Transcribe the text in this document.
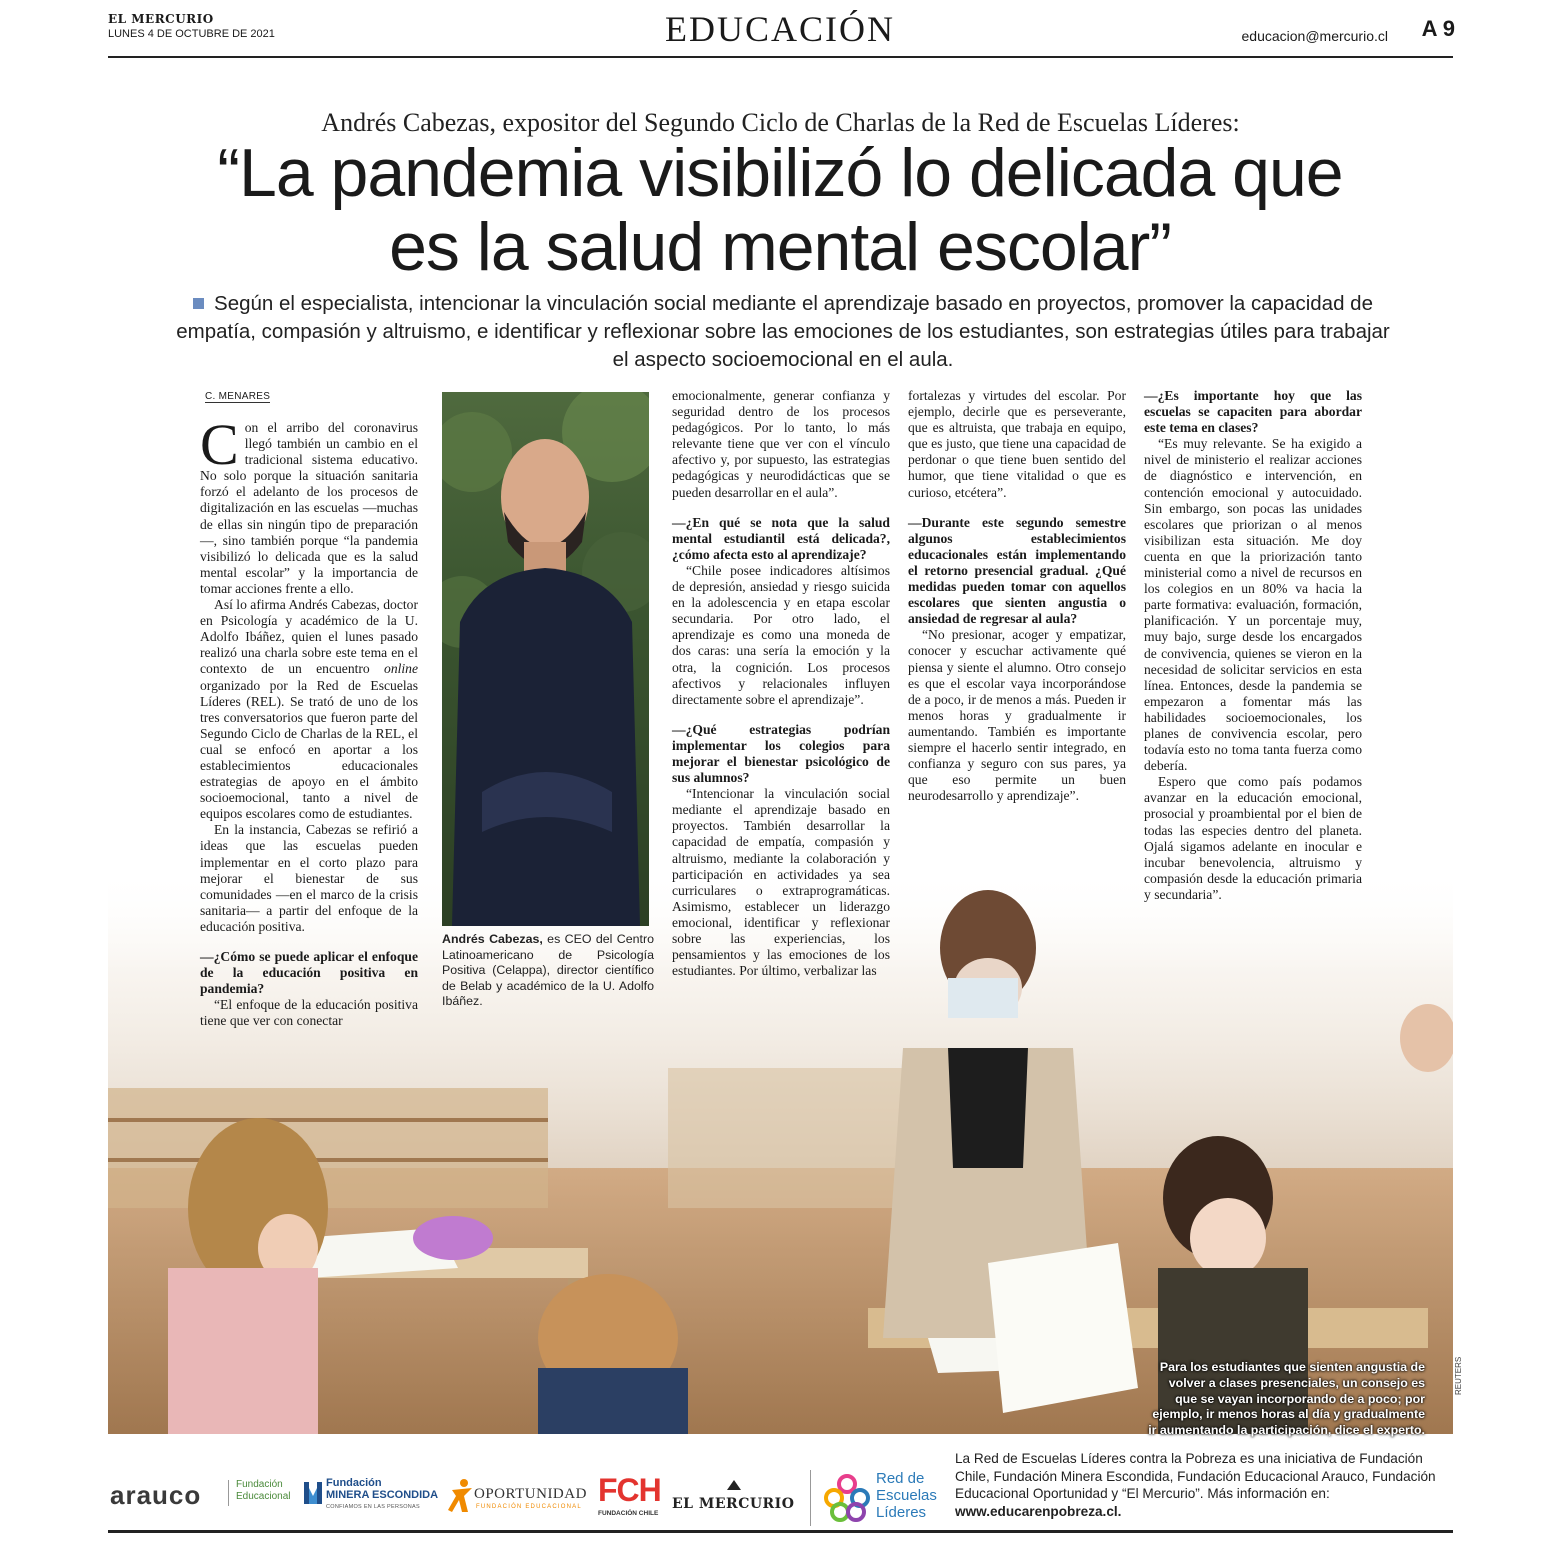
EL MERCURIO
LUNES 4 DE OCTUBRE DE 2021	EDUCACIÓN	educacion@mercurio.cl	A 9
Andrés Cabezas, expositor del Segundo Ciclo de Charlas de la Red de Escuelas Líderes:
“La pandemia visibilizó lo delicada que
es la salud mental escolar”
Según el especialista, intencionar la vinculación social mediante el aprendizaje basado en proyectos, promover la capacidad de empatía, compasión y altruismo, e identificar y reflexionar sobre las emociones de los estudiantes, son estrategias útiles para trabajar el aspecto socioemocional en el aula.
C. MENARES
Andrés Cabezas, es CEO del Centro Latinoamericano de Psicología Positiva (Celappa), director científico de Belab y académico de la U. Adolfo Ibáñez.
C on el arribo del coronavirus llegó también un cambio en el tradicional sistema educativo. No solo porque la situación sanitaria forzó el adelanto de los procesos de digitalización en las escuelas —muchas de ellas sin ningún tipo de preparación—, sino también porque “la pandemia visibilizó lo delicada que es la salud mental escolar” y la importancia de tomar acciones frente a ello.

Así lo afirma Andrés Cabezas, doctor en Psicología y académico de la U. Adolfo Ibáñez, quien el lunes pasado realizó una charla sobre este tema en el contexto de un encuentro online organizado por la Red de Escuelas Líderes (REL). Se trató de uno de los tres conversatorios que fueron parte del Segundo Ciclo de Charlas de la REL, el cual se enfocó en aportar a los establecimientos educacionales estrategias de apoyo en el ámbito socioemocional, tanto a nivel de equipos escolares como de estudiantes.

En la instancia, Cabezas se refirió a ideas que las escuelas pueden implementar en el corto plazo para mejorar el bienestar de sus comunidades —en el marco de la crisis sanitaria— a partir del enfoque de la educación positiva.

—¿Cómo se puede aplicar el enfoque de la educación positiva en pandemia?

“El enfoque de la educación positiva tiene que ver con conectar

emocionalmente, generar confianza y seguridad dentro de los procesos pedagógicos. Por lo tanto, lo más relevante tiene que ver con el vínculo afectivo y, por supuesto, las estrategias pedagógicas y neurodidácticas que se pueden desarrollar en el aula”.

—¿En qué se nota que la salud mental estudiantil está delicada?, ¿cómo afecta esto al aprendizaje?

“Chile posee indicadores altísimos de depresión, ansiedad y riesgo suicida en la adolescencia y en etapa escolar secundaria. Por otro lado, el aprendizaje es como una moneda de dos caras: una sería la emoción y la otra, la cognición. Los procesos afectivos y relacionales influyen directamente sobre el aprendizaje”.

—¿Qué estrategias podrían implementar los colegios para mejorar el bienestar psicológico de sus alumnos?

“Intencionar la vinculación social mediante el aprendizaje basado en proyectos. También desarrollar la capacidad de empatía, compasión y altruismo, mediante la colaboración y participación en actividades ya sea curriculares o extraprogramáticas. Asimismo, establecer un liderazgo emocional, identificar y reflexionar sobre las experiencias, los pensamientos y las emociones de los estudiantes. Por último, verbalizar las

fortalezas y virtudes del escolar. Por ejemplo, decirle que es perseverante, que es altruista, que trabaja en equipo, que es justo, que tiene una capacidad de perdonar o que tiene buen sentido del humor, que tiene vitalidad o que es curioso, etcétera”.

—Durante este segundo semestre algunos establecimientos educacionales están implementando el retorno presencial gradual. ¿Qué medidas pueden tomar con aquellos escolares que sienten angustia o ansiedad de regresar al aula?

“No presionar, acoger y empatizar, conocer y escuchar activamente qué piensa y siente el alumno. Otro consejo es que el escolar vaya incorporándose de a poco, ir de menos a más. Pueden ir menos horas y gradualmente ir aumentando. También es importante siempre el hacerlo sentir integrado, en confianza y seguro con sus pares, ya que eso permite un buen neurodesarrollo y aprendizaje”.

—¿Es importante hoy que las escuelas se capaciten para abordar este tema en clases?

“Es muy relevante. Se ha exigido a nivel de ministerio el realizar acciones de diagnóstico e intervención, en contención emocional y autocuidado. Sin embargo, son pocas las unidades escolares que priorizan o al menos visibilizan esta situación. Me doy cuenta en que la priorización tanto ministerial como a nivel de recursos en los colegios en un 80% va hacia la parte formativa: evaluación, formación, planificación. Y un porcentaje muy, muy bajo, surge desde los encargados de convivencia, quienes se vieron en la necesidad de solicitar servicios en esta línea. Entonces, desde la pandemia se empezaron a fomentar más las habilidades socioemocionales, los planes de convivencia escolar, pero todavía esto no toma tanta fuerza como debería.

Espero que como país podamos avanzar en la educación emocional, prosocial y proambiental por el bien de todas las especies dentro del planeta. Ojalá sigamos adelante en inocular e incubar benevolencia, altruismo y compasión desde la educación primaria y secundaria”.

Para los estudiantes que sienten angustia de volver a clases presenciales, un consejo es que se vayan incorporando de a poco; por ejemplo, ir menos horas al día y gradualmente ir aumentando la participación, dice el experto.
REUTERS
arauco	Fundación
Educacional
Fundación
MINERA ESCONDIDA
CONFIAMOS EN LAS PERSONAS
OPORTUNIDAD
FUNDACIÓN EDUCACIONAL FCH
FUNDACIÓN CHILE
EL MERCURIO
Red de
Escuelas
Líderes
La Red de Escuelas Líderes contra la Pobreza es una iniciativa de Fundación Chile, Fundación Minera Escondida, Fundación Educacional Arauco, Fundación Educacional Oportunidad y “El Mercurio”. Más información en: www.educarenpobreza.cl.
